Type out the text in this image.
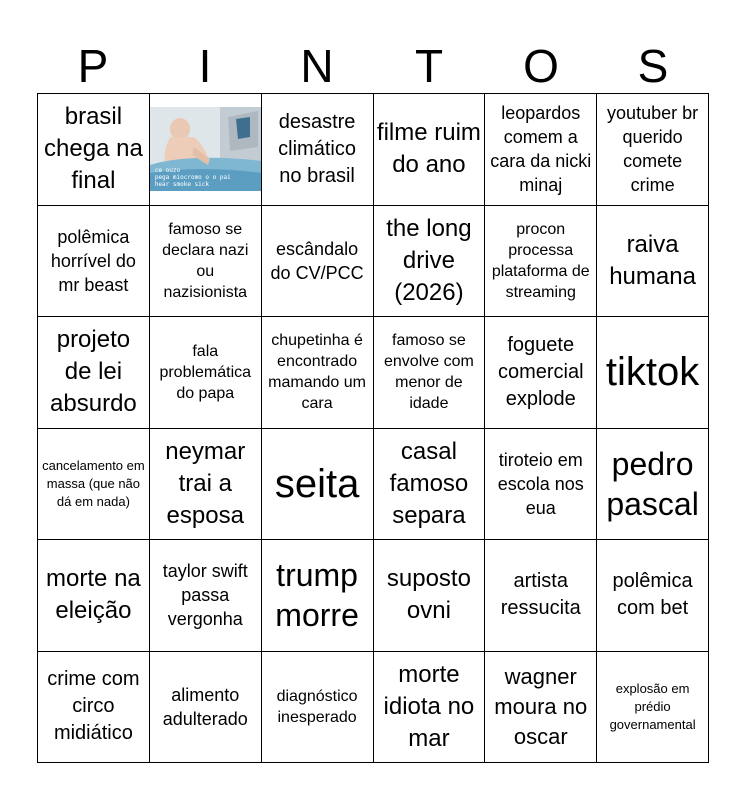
P	I	N	T	O	S
brasil chega na final	ce ouzo
pega miocromo o o pai
hear smoke sick
desastre climático no brasil
filme ruim do ano
leopardos comem a cara da nicki minaj
youtuber br querido comete crime
polêmica horrível do mr beast
famoso se declara nazi ou nazisionista
escândalo do CV/PCC
the long drive (2026)
procon processa plataforma de streaming
raiva humana
projeto de lei absurdo
fala problemática do papa
chupetinha é encontrado mamando um cara
famoso se envolve com menor de idade
foguete comercial explode
tiktok
cancelamento em massa (que não dá em nada)
neymar trai a esposa
seita
casal famoso separa
tiroteio em escola nos eua
pedro pascal
morte na eleição
taylor swift passa vergonha
trump morre
suposto ovni
artista ressucita
polêmica com bet
crime com circo midiático
alimento adulterado
diagnóstico inesperado
morte idiota no mar
wagner moura no oscar
explosão em prédio governamental
